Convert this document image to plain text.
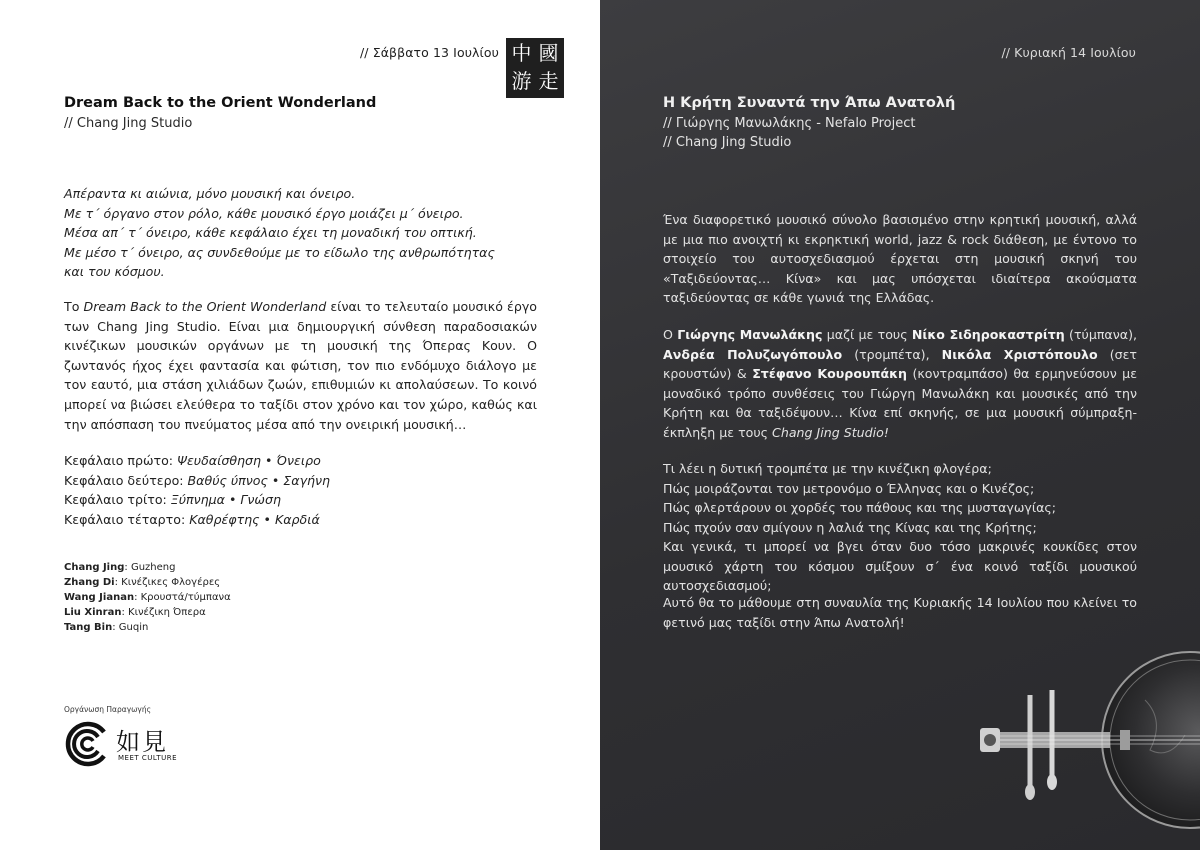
// Σάββατο 13 Ιουλίου 中 國
游 走
Dream Back to the Orient Wonderland
// Chang Jing Studio
Απέραντα κι αιώνια, μόνο μουσική και όνειρο.
Με τ΄ όργανο στον ρόλο, κάθε μουσικό έργο μοιάζει μ΄ όνειρο.
Μέσα απ΄ τ΄ όνειρο, κάθε κεφάλαιο έχει τη μοναδική του οπτική.
Με μέσο τ΄ όνειρο, ας συνδεθούμε με το είδωλο της ανθρωπότητας
και του κόσμου.
Το Dream Back to the Orient Wonderland είναι το τελευταίο μουσικό έργο των Chang Jing Studio. Είναι μια δημιουργική σύνθεση παραδοσιακών κινέζικων μουσικών οργάνων με τη μουσική της Όπερας Κουν. Ο ζωντανός ήχος έχει φαντασία και φώτιση, τον πιο ενδόμυχο διάλογο με τον εαυτό, μια στάση χιλιάδων ζωών, επιθυμιών κι απολαύσεων. Το κοινό μπορεί να βιώσει ελεύθερα το ταξίδι στον χρόνο και τον χώρο, καθώς και την απόσπαση του πνεύματος μέσα από την ονειρική μουσική…
Κεφάλαιο πρώτο: Ψευδαίσθηση • Όνειρο
Κεφάλαιο δεύτερο: Βαθύς ύπνος • Σαγήνη
Κεφάλαιο τρίτο: Ξύπνημα • Γνώση
Κεφάλαιο τέταρτο: Καθρέφτης • Καρδιά
Chang Jing: Guzheng
Zhang Di: Κινέζικες Φλογέρες
Wang Jianan: Κρουστά/τύμπανα
Liu Xinran: Κινέζικη Όπερα
Tang Bin: Guqin
Οργάνωση Παραγωγής
如見
MEET CULTURE
// Κυριακή 14 Ιουλίου
Η Κρήτη Συναντά την Άπω Ανατολή
// Γιώργης Μανωλάκης - Nefalo Project
// Chang Jing Studio
Ένα διαφορετικό μουσικό σύνολο βασισμένο στην κρητική μουσική, αλλά με μια πιο ανοιχτή κι εκρηκτική world, jazz & rock διάθεση, με έντονο το στοιχείο του αυτοσχεδιασμού έρχεται στη μουσική σκηνή του «Ταξιδεύοντας… Κίνα» και μας υπόσχεται ιδιαίτερα ακούσματα ταξιδεύοντας σε κάθε γωνιά της Ελλάδας.
Ο Γιώργης Μανωλάκης μαζί με τους Νίκο Σιδηροκαστρίτη (τύμπανα), Ανδρέα Πολυζωγόπουλο (τρομπέτα), Νικόλα Χριστόπουλο (σετ κρουστών) & Στέφανο Κουρουπάκη (κοντραμπάσο) θα ερμηνεύσουν με μοναδικό τρόπο συνθέσεις του Γιώργη Μανωλάκη και μουσικές από την Κρήτη και θα ταξιδέψουν… Κίνα επί σκηνής, σε μια μουσική σύμπραξη-έκπληξη με τους Chang Jing Studio!
Τι λέει η δυτική τρομπέτα με την κινέζικη φλογέρα;
Πώς μοιράζονται τον μετρονόμο ο Έλληνας και ο Κινέζος;
Πώς φλερτάρουν οι χορδές του πάθους και της μυσταγωγίας;
Πώς πχούν σαν σμίγουν η λαλιά της Κίνας και της Κρήτης;
Και γενικά, τι μπορεί να βγει όταν δυο τόσο μακρινές κουκίδες στον μουσικό χάρτη του κόσμου σμίξουν σ΄ ένα κοινό ταξίδι μουσικού αυτοσχεδιασμού;
Αυτό θα το μάθουμε στη συναυλία της Κυριακής 14 Ιουλίου που κλείνει το φετινό μας ταξίδι στην Άπω Ανατολή!
